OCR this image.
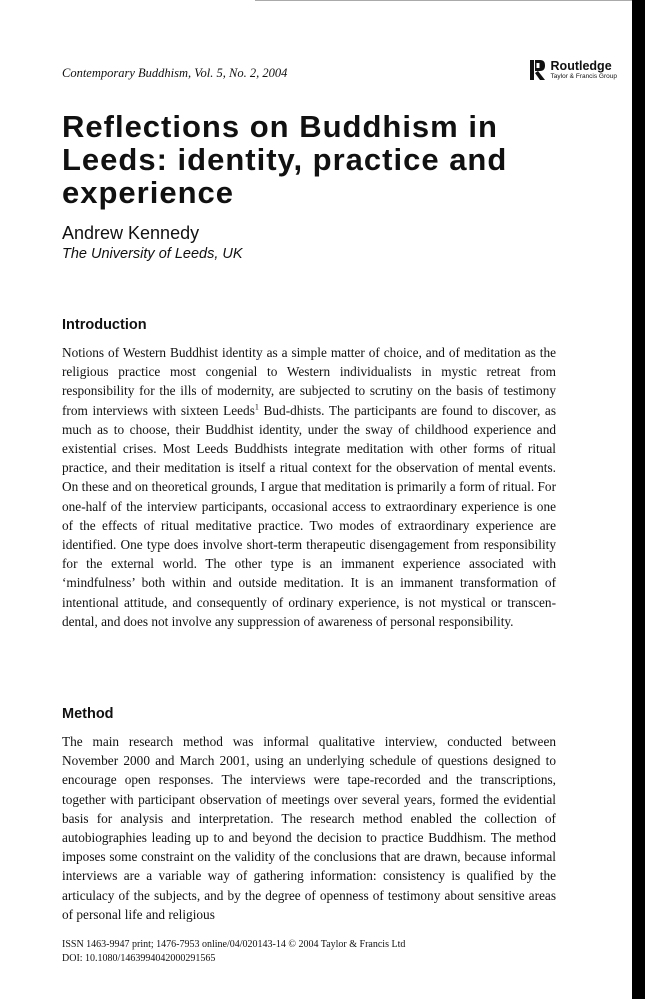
Contemporary Buddhism, Vol. 5, No. 2, 2004
Routledge
Taylor & Francis Group
Reflections on Buddhism in Leeds: identity, practice and experience
Andrew Kennedy
The University of Leeds, UK
Introduction

Notions of Western Buddhist identity as a simple matter of choice, and of meditation as the religious practice most congenial to Western individualists in mystic retreat from responsibility for the ills of modernity, are subjected to scrutiny on the basis of testimony from interviews with sixteen Leeds$^1$ Bud-dhists. The participants are found to discover, as much as to choose, their Buddhist identity, under the sway of childhood experience and existential crises. Most Leeds Buddhists integrate meditation with other forms of ritual practice, and their meditation is itself a ritual context for the observation of mental events. On these and on theoretical grounds, I argue that meditation is primarily a form of ritual. For one-half of the interview participants, occasional access to extraordinary experience is one of the effects of ritual meditative practice. Two modes of extraordinary experience are identified. One type does involve short-term therapeutic disengagement from responsibility for the external world. The other type is an immanent experience associated with ‘mindfulness’ both within and outside meditation. It is an immanent transformation of intentional attitude, and consequently of ordinary experience, is not mystical or transcen-dental, and does not involve any suppression of awareness of personal responsibility.

Method

The main research method was informal qualitative interview, conducted between November 2000 and March 2001, using an underlying schedule of questions designed to encourage open responses. The interviews were tape-recorded and the transcriptions, together with participant observation of meetings over several years, formed the evidential basis for analysis and interpretation. The research method enabled the collection of autobiographies leading up to and beyond the decision to practice Buddhism. The method imposes some constraint on the validity of the conclusions that are drawn, because informal interviews are a variable way of gathering information: consistency is qualified by the articulacy of the subjects, and by the degree of openness of testimony about sensitive areas of personal life and religious

ISSN 1463-9947 print; 1476-7953 online/04/020143-14 © 2004 Taylor & Francis Ltd
DOI: 10.1080/1463994042000291565
